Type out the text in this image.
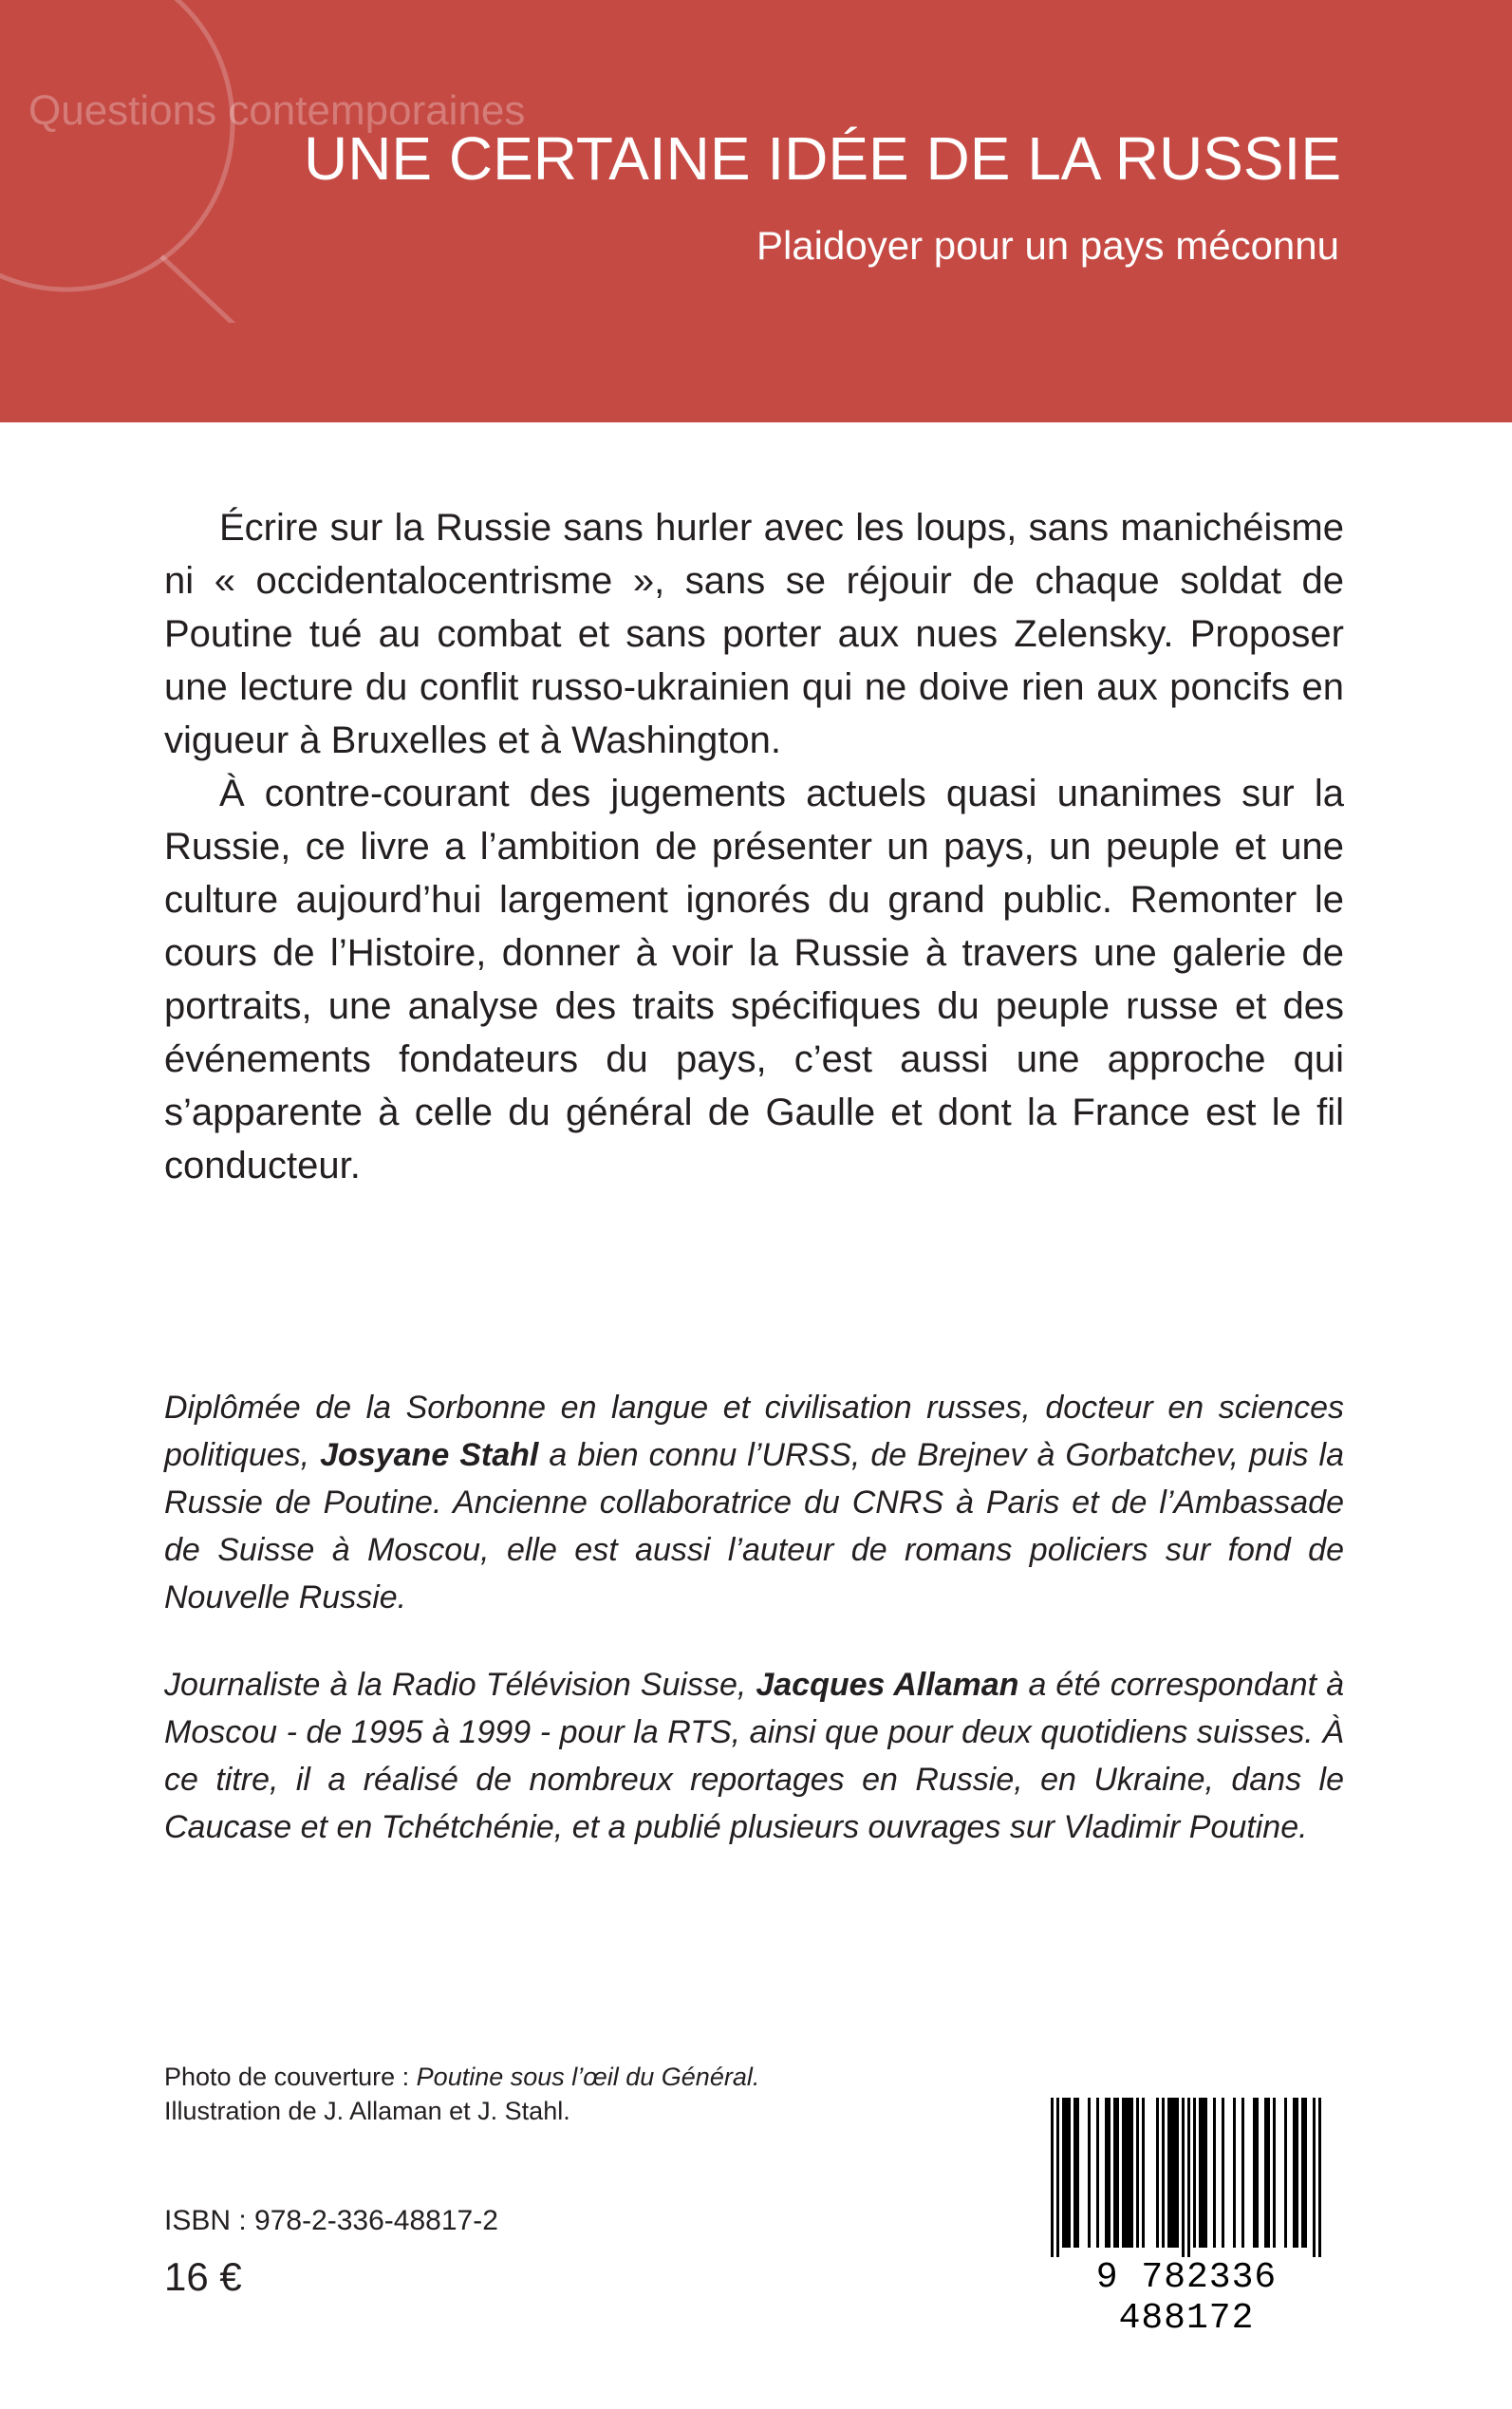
Questions contemporaines
UNE CERTAINE IDÉE DE LA RUSSIE
Plaidoyer pour un pays méconnu

Écrire sur la Russie sans hurler avec les loups, sans manichéisme ni « occidentalocentrisme », sans se réjouir de chaque soldat de Poutine tué au combat et sans porter aux nues Zelensky. Proposer une lecture du conflit russo-ukrainien qui ne doive rien aux poncifs en vigueur à Bruxelles et à Washington.

À contre-courant des jugements actuels quasi unanimes sur la Russie, ce livre a l’ambition de présenter un pays, un peuple et une culture aujourd’hui largement ignorés du grand public. Remonter le cours de l’Histoire, donner à voir la Russie à travers une galerie de portraits, une analyse des traits spécifiques du peuple russe et des événements fondateurs du pays, c’est aussi une approche qui s’apparente à celle du général de Gaulle et dont la France est le fil conducteur.

Diplômée de la Sorbonne en langue et civilisation russes, docteur en sciences politiques, Josyane Stahl a bien connu l’URSS, de Brejnev à Gorbatchev, puis la Russie de Poutine. Ancienne collaboratrice du CNRS à Paris et de l’Ambassade de Suisse à Moscou, elle est aussi l’auteur de romans policiers sur fond de Nouvelle Russie.

Journaliste à la Radio Télévision Suisse, Jacques Allaman a été correspondant à Moscou - de 1995 à 1999 - pour la RTS, ainsi que pour deux quotidiens suisses. À ce titre, il a réalisé de nombreux reportages en Russie, en Ukraine, dans le Caucase et en Tchétchénie, et a publié plusieurs ouvrages sur Vladimir Poutine.

Photo de couverture : Poutine sous l’œil du Général.
Illustration de J. Allaman et J. Stahl.
ISBN : 978-2-336-48817-2
16 €	9 782336 488172
